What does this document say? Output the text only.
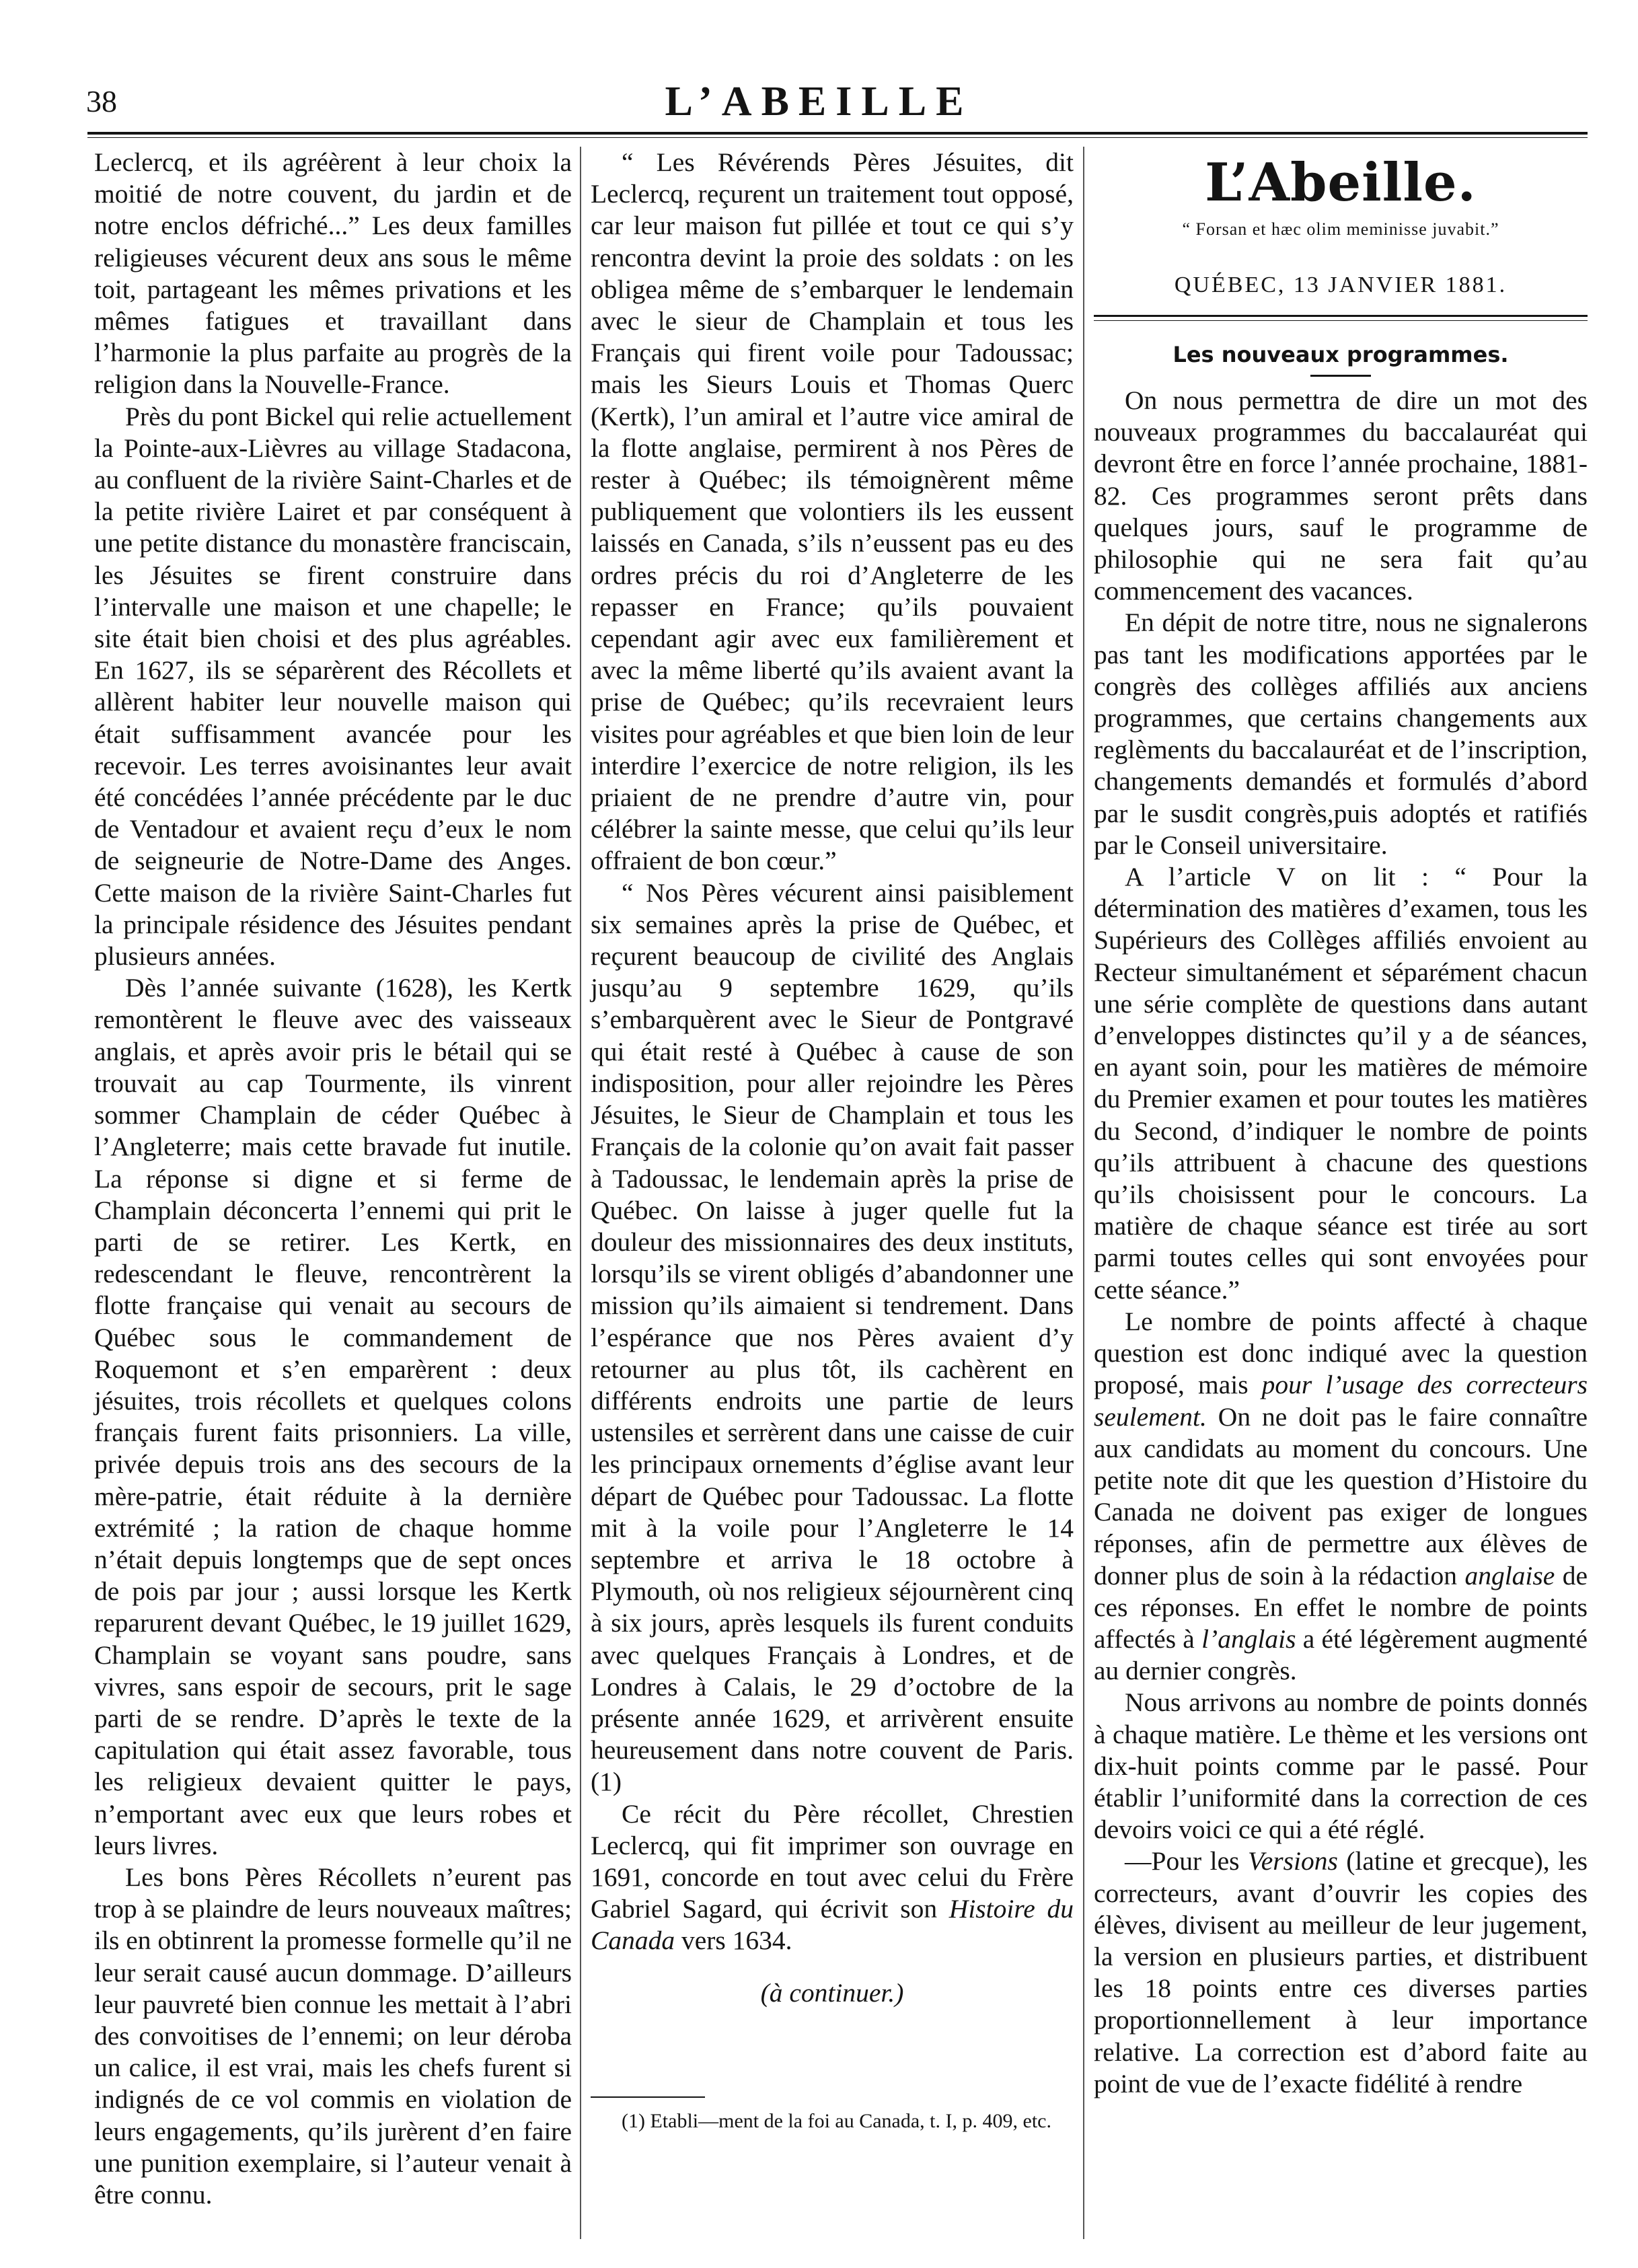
38	L’ABEILLE

Leclercq, et ils agréèrent à leur choix la moitié de notre couvent, du jardin et de notre enclos défriché...” Les deux familles religieuses vécurent deux ans sous le même toit, partageant les mêmes privations et les mêmes fatigues et travaillant dans l’harmonie la plus parfaite au progrès de la religion dans la Nouvelle-France.

Près du pont Bickel qui relie actuellement la Pointe-aux-Lièvres au village Stadacona, au confluent de la rivière Saint-Charles et de la petite rivière Lairet et par conséquent à une petite distance du monastère franciscain, les Jésuites se firent construire dans l’intervalle une maison et une chapelle; le site était bien choisi et des plus agréables. En 1627, ils se séparèrent des Récollets et allèrent habiter leur nouvelle maison qui était suffisamment avancée pour les recevoir. Les terres avoisinantes leur avait été concédées l’année précédente par le duc de Ventadour et avaient reçu d’eux le nom de seigneurie de Notre-Dame des Anges. Cette maison de la rivière Saint-Charles fut la principale résidence des Jésuites pendant plusieurs années.

Dès l’année suivante (1628), les Kertk remontèrent le fleuve avec des vaisseaux anglais, et après avoir pris le bétail qui se trouvait au cap Tourmente, ils vinrent sommer Champlain de céder Québec à l’Angleterre; mais cette bravade fut inutile. La réponse si digne et si ferme de Champlain déconcerta l’ennemi qui prit le parti de se retirer. Les Kertk, en redescendant le fleuve, rencontrèrent la flotte française qui venait au secours de Québec sous le commandement de Roquemont et s’en emparèrent : deux jésuites, trois récollets et quelques colons français furent faits prisonniers. La ville, privée depuis trois ans des secours de la mère-patrie, était réduite à la dernière extrémité ; la ration de chaque homme n’était depuis longtemps que de sept onces de pois par jour ; aussi lorsque les Kertk reparurent devant Québec, le 19 juillet 1629, Champlain se voyant sans poudre, sans vivres, sans espoir de secours, prit le sage parti de se rendre. D’après le texte de la capitulation qui était assez favorable, tous les religieux devaient quitter le pays, n’emportant avec eux que leurs robes et leurs livres.

Les bons Pères Récollets n’eurent pas trop à se plaindre de leurs nouveaux maîtres; ils en obtinrent la promesse formelle qu’il ne leur serait causé aucun dommage. D’ailleurs leur pauvreté bien connue les mettait à l’abri des convoitises de l’ennemi; on leur déroba un calice, il est vrai, mais les chefs furent si indignés de ce vol commis en violation de leurs engagements, qu’ils jurèrent d’en faire une punition exemplaire, si l’auteur venait à être connu.

“ Les Révérends Pères Jésuites, dit Leclercq, reçurent un traitement tout opposé, car leur maison fut pillée et tout ce qui s’y rencontra devint la proie des soldats : on les obligea même de s’embarquer le lendemain avec le sieur de Champlain et tous les Français qui firent voile pour Tadoussac; mais les Sieurs Louis et Thomas Querc (Kertk), l’un amiral et l’autre vice amiral de la flotte anglaise, permirent à nos Pères de rester à Québec; ils témoignèrent même publiquement que volontiers ils les eussent laissés en Canada, s’ils n’eussent pas eu des ordres précis du roi d’Angleterre de les repasser en France; qu’ils pouvaient cependant agir avec eux familièrement et avec la même liberté qu’ils avaient avant la prise de Québec; qu’ils recevraient leurs visites pour agréables et que bien loin de leur interdire l’exercice de notre religion, ils les priaient de ne prendre d’autre vin, pour célébrer la sainte messe, que celui qu’ils leur offraient de bon cœur.”

“ Nos Pères vécurent ainsi paisiblement six semaines après la prise de Québec, et reçurent beaucoup de civilité des Anglais jusqu’au 9 septembre 1629, qu’ils s’embarquèrent avec le Sieur de Pontgravé qui était resté à Québec à cause de son indisposition, pour aller rejoindre les Pères Jésuites, le Sieur de Champlain et tous les Français de la colonie qu’on avait fait passer à Tadoussac, le lendemain après la prise de Québec. On laisse à juger quelle fut la douleur des missionnaires des deux instituts, lorsqu’ils se virent obligés d’abandonner une mission qu’ils aimaient si tendrement. Dans l’espérance que nos Pères avaient d’y retourner au plus tôt, ils cachèrent en différents endroits une partie de leurs ustensiles et serrèrent dans une caisse de cuir les principaux ornements d’église avant leur départ de Québec pour Tadoussac. La flotte mit à la voile pour l’Angleterre le 14 septembre et arriva le 18 octobre à Plymouth, où nos religieux séjournèrent cinq à six jours, après lesquels ils furent conduits avec quelques Français à Londres, et de Londres à Calais, le 29 d’octobre de la présente année 1629, et arrivèrent ensuite heureusement dans notre couvent de Paris. (1)

Ce récit du Père récollet, Chrestien Leclercq, qui fit imprimer son ouvrage en 1691, concorde en tout avec celui du Frère Gabriel Sagard, qui écrivit son Histoire du Canada vers 1634.

(à continuer.)

(1) Etabli—ment de la foi au Canada, t. I, p. 409, etc.

L’Abeille.
“ Forsan et hæc olim meminisse juvabit.”
QUÉBEC, 13 JANVIER 1881.
Les nouveaux programmes.

On nous permettra de dire un mot des nouveaux programmes du baccalauréat qui devront être en force l’année prochaine, 1881-82. Ces programmes seront prêts dans quelques jours, sauf le programme de philosophie qui ne sera fait qu’au commencement des vacances.

En dépit de notre titre, nous ne signalerons pas tant les modifications apportées par le congrès des collèges affiliés aux anciens programmes, que certains changements aux reglèments du baccalauréat et de l’inscription, changements demandés et formulés d’abord par le susdit congrès,puis adoptés et ratifiés par le Conseil universitaire.

A l’article V on lit : “ Pour la détermination des matières d’examen, tous les Supérieurs des Collèges affiliés envoient au Recteur simultanément et séparément chacun une série complète de questions dans autant d’enveloppes distinctes qu’il y a de séances, en ayant soin, pour les matières de mémoire du Premier examen et pour toutes les matières du Second, d’indiquer le nombre de points qu’ils attribuent à chacune des questions qu’ils choisissent pour le concours. La matière de chaque séance est tirée au sort parmi toutes celles qui sont envoyées pour cette séance.”

Le nombre de points affecté à chaque question est donc indiqué avec la question proposé, mais pour l’usage des correcteurs seulement. On ne doit pas le faire connaître aux candidats au moment du concours. Une petite note dit que les question d’Histoire du Canada ne doivent pas exiger de longues réponses, afin de permettre aux élèves de donner plus de soin à la rédaction anglaise de ces réponses. En effet le nombre de points affectés à l’anglais a été légèrement augmenté au dernier congrès.

Nous arrivons au nombre de points donnés à chaque matière. Le thème et les versions ont dix-huit points comme par le passé. Pour établir l’uniformité dans la correction de ces devoirs voici ce qui a été réglé.

—Pour les Versions (latine et grecque), les correcteurs, avant d’ouvrir les copies des élèves, divisent au meilleur de leur jugement, la version en plusieurs parties, et distribuent les 18 points entre ces diverses parties proportionnellement à leur importance relative. La correction est d’abord faite au point de vue de l’exacte fidélité à rendre
